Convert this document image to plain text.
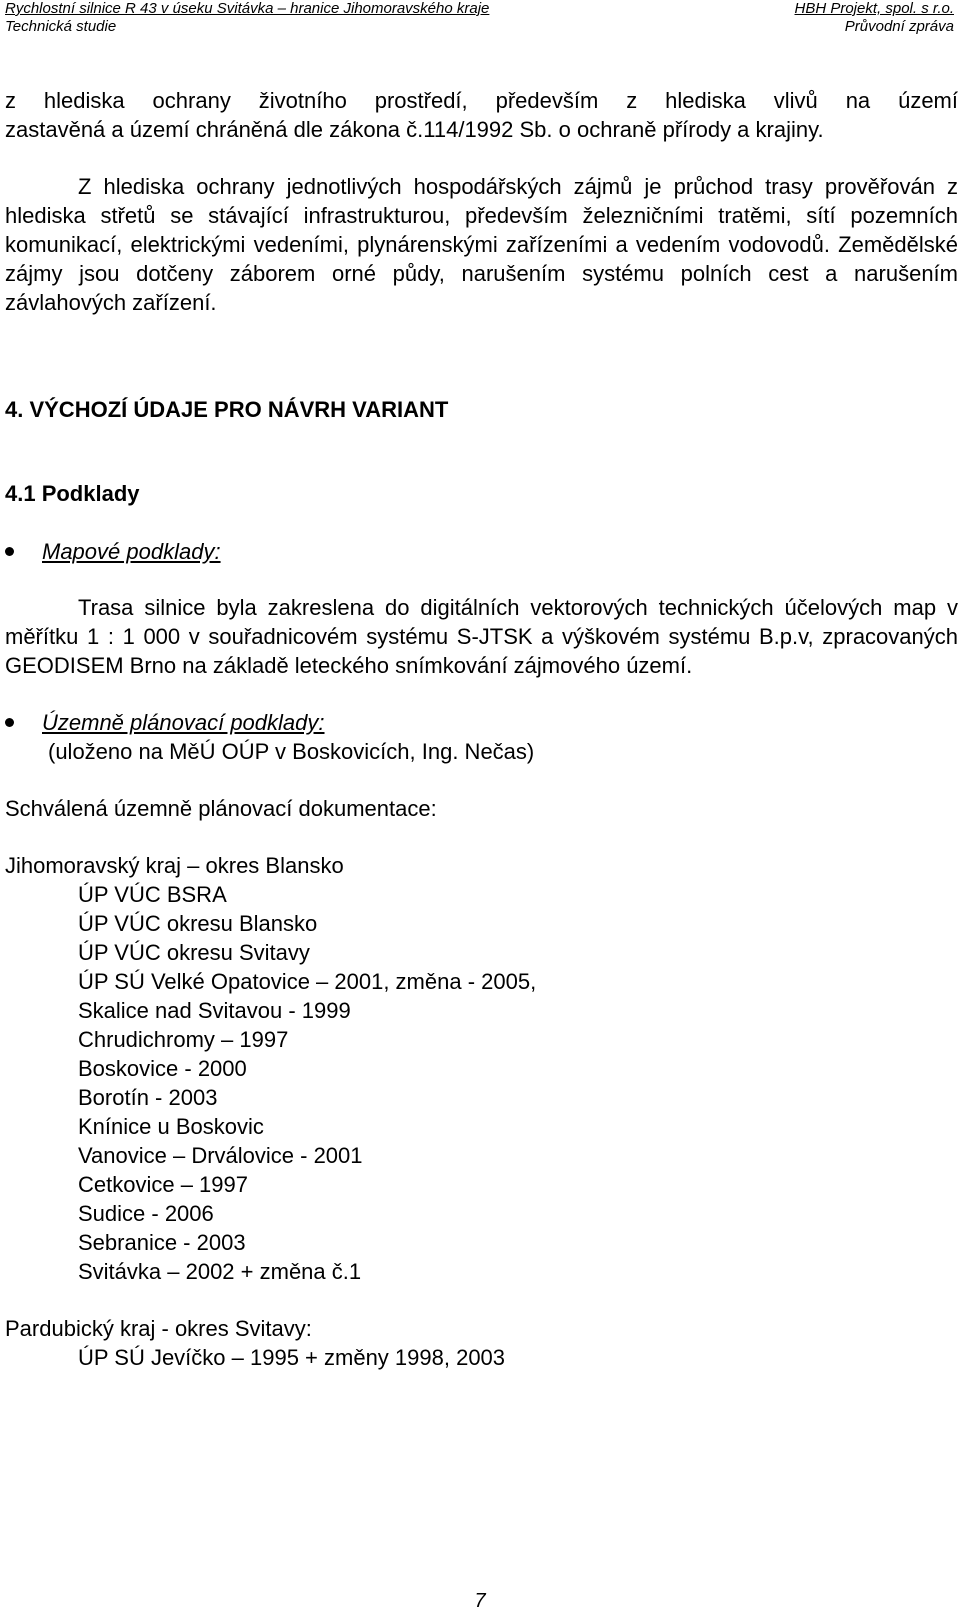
Rychlostní silnice R 43 v úseku Svitávka – hranice Jihomoravského kraje	HBH Projekt, spol. s r.o.
Technická studie	Průvodní zpráva
z hlediska ochrany životního prostředí, především z hlediska vlivů na území
zastavěná a území chráněná dle zákona č.114/1992 Sb. o ochraně přírody a krajiny.

Z hlediska ochrany jednotlivých hospodářských zájmů je průchod trasy prověřován z hlediska střetů se stávající infrastrukturou, především železničními tratěmi, sítí pozemních komunikací, elektrickými vedeními, plynárenskými zařízeními a vedením vodovodů. Zemědělské zájmy jsou dotčeny záborem orné půdy, narušením systému polních cest a narušením závlahových zařízení.

4. VÝCHOZÍ ÚDAJE PRO NÁVRH VARIANT
4.1 Podklady
Mapové podklady:

Trasa silnice byla zakreslena do digitálních vektorových technických účelových map v měřítku 1 : 1 000 v souřadnicovém systému S-JTSK a výškovém systému B.p.v, zpracovaných GEODISEM Brno na základě leteckého snímkování zájmového území.

Územně plánovací podklady:
(uloženo na MěÚ OÚP v Boskovicích, Ing. Nečas)

Schválená územně plánovací dokumentace:

Jihomoravský kraj – okres Blansko

ÚP VÚC BSRA
ÚP VÚC okresu Blansko
ÚP VÚC okresu Svitavy
ÚP SÚ Velké Opatovice – 2001, změna - 2005,
Skalice nad Svitavou - 1999
Chrudichromy – 1997
Boskovice - 2000
Borotín - 2003
Knínice u Boskovic
Vanovice – Drválovice - 2001
Cetkovice – 1997
Sudice - 2006
Sebranice - 2003
Svitávka – 2002 + změna č.1

Pardubický kraj - okres Svitavy:

ÚP SÚ Jevíčko – 1995 + změny 1998, 2003
7
